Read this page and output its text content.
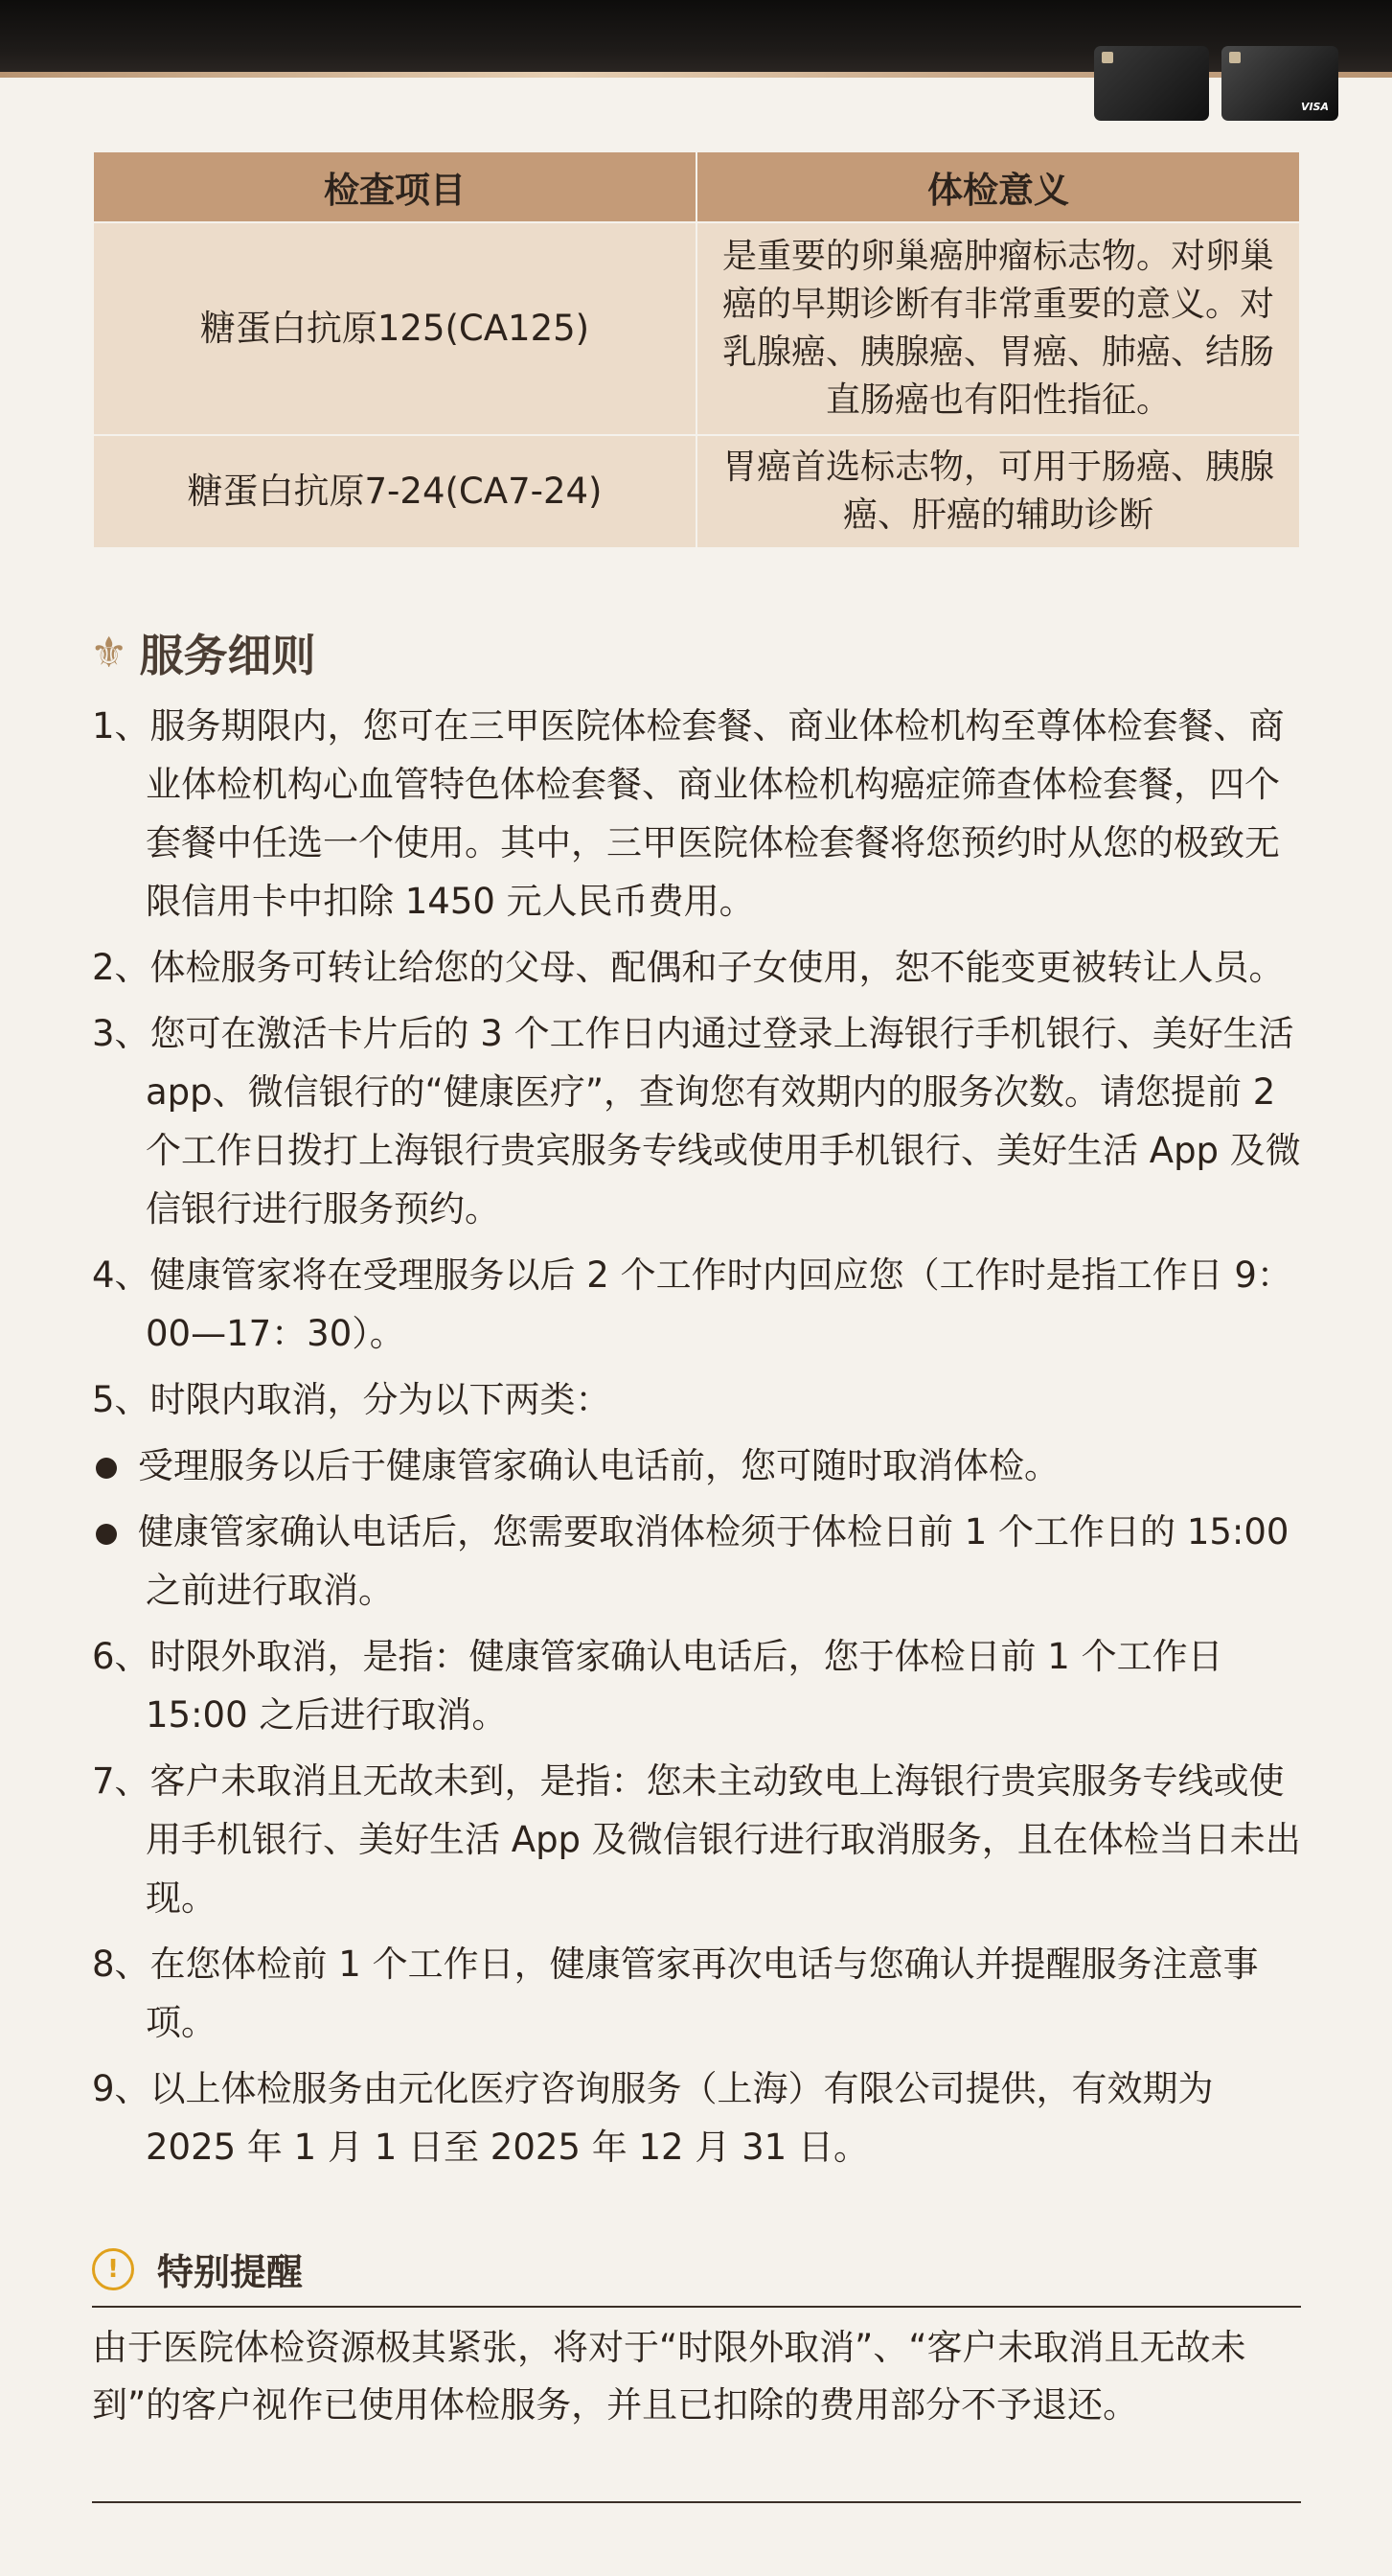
VISA
检查项目	体检意义
糖蛋白抗原125(CA125)	是重要的卵巢癌肿瘤标志物。对卵巢癌的早期诊断有非常重要的意义。对乳腺癌、胰腺癌、胃癌、肺癌、结肠直肠癌也有阳性指征。
糖蛋白抗原7-24(CA7-24)	胃癌首选标志物，可用于肠癌、胰腺癌、肝癌的辅助诊断
⚜ 服务细则
1、服务期限内，您可在三甲医院体检套餐、商业体检机构至尊体检套餐、商业体检机构心血管特色体检套餐、商业体检机构癌症筛查体检套餐，四个套餐中任选一个使用。其中，三甲医院体检套餐将您预约时从您的极致无限信用卡中扣除 1450 元人民币费用。
2、体检服务可转让给您的父母、配偶和子女使用，恕不能变更被转让人员。
3、您可在激活卡片后的 3 个工作日内通过登录上海银行手机银行、美好生活 app、微信银行的“健康医疗”，查询您有效期内的服务次数。请您提前 2 个工作日拨打上海银行贵宾服务专线或使用手机银行、美好生活 App 及微信银行进行服务预约。
4、健康管家将在受理服务以后 2 个工作时内回应您（工作时是指工作日 9：00—17：30）。
5、时限内取消，分为以下两类：
受理服务以后于健康管家确认电话前，您可随时取消体检。
健康管家确认电话后，您需要取消体检须于体检日前 1 个工作日的 15:00 之前进行取消。
6、时限外取消，是指：健康管家确认电话后，您于体检日前 1 个工作日 15:00 之后进行取消。
7、客户未取消且无故未到，是指：您未主动致电上海银行贵宾服务专线或使用手机银行、美好生活 App 及微信银行进行取消服务，且在体检当日未出现。
8、在您体检前 1 个工作日，健康管家再次电话与您确认并提醒服务注意事项。
9、以上体检服务由元化医疗咨询服务（上海）有限公司提供，有效期为 2025 年 1 月 1 日至 2025 年 12 月 31 日。
!	特别提醒
由于医院体检资源极其紧张，将对于“时限外取消”、“客户未取消且无故未到”的客户视作已使用体检服务，并且已扣除的费用部分不予退还。
